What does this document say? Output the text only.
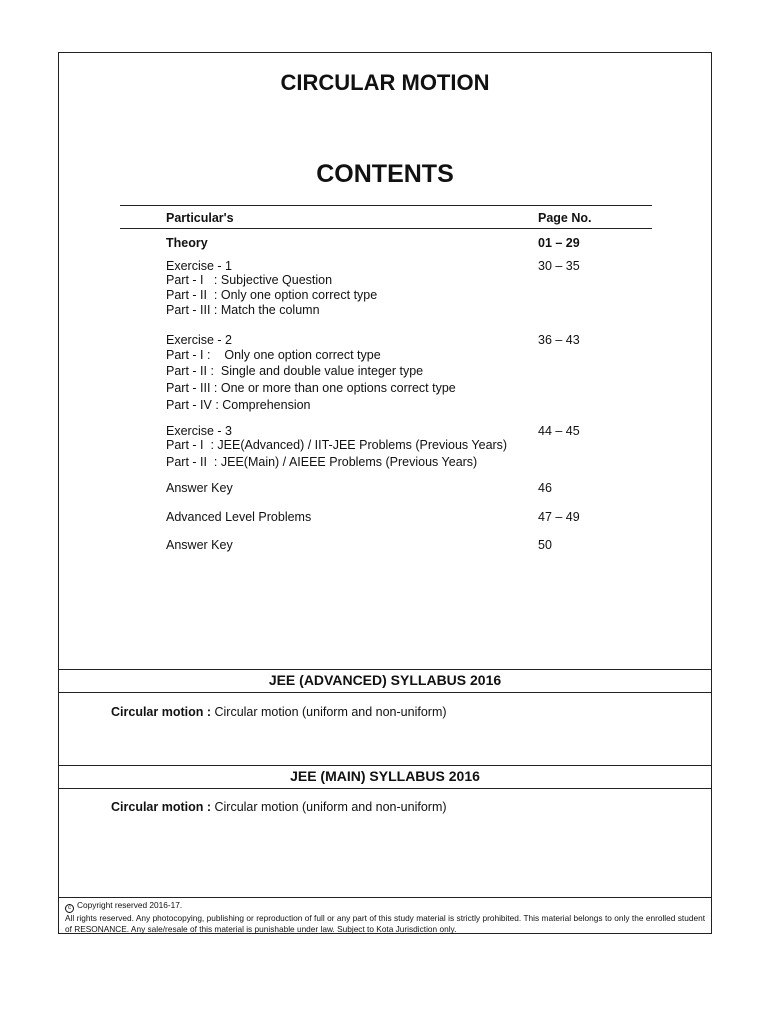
CIRCULAR MOTION
CONTENTS
Particular's	Page No.
Theory	01 – 29
Exercise - 1	30 – 35
Part - I   : Subjective Question
Part - II  : Only one option correct type
Part - III : Match the column
Exercise - 2	36 – 43
Part - I :    Only one option correct type
Part - II :  Single and double value integer type
Part - III : One or more than one options correct type
Part - IV : Comprehension
Exercise - 3	44 – 45
Part - I  : JEE(Advanced) / IIT-JEE Problems (Previous Years)
Part - II  : JEE(Main) / AIEEE Problems (Previous Years)
Answer Key	46
Advanced Level Problems	47 – 49
Answer Key	50
JEE (ADVANCED) SYLLABUS 2016
Circular motion : Circular motion (uniform and non-uniform)
JEE (MAIN) SYLLABUS 2016
Circular motion : Circular motion (uniform and non-uniform)
c Copyright reserved 2016-17.
All rights reserved. Any photocopying, publishing or reproduction of full or any part of this study material is strictly prohibited. This material belongs to only the enrolled student of RESONANCE. Any sale/resale of this material is punishable under law. Subject to Kota Jurisdiction only.
